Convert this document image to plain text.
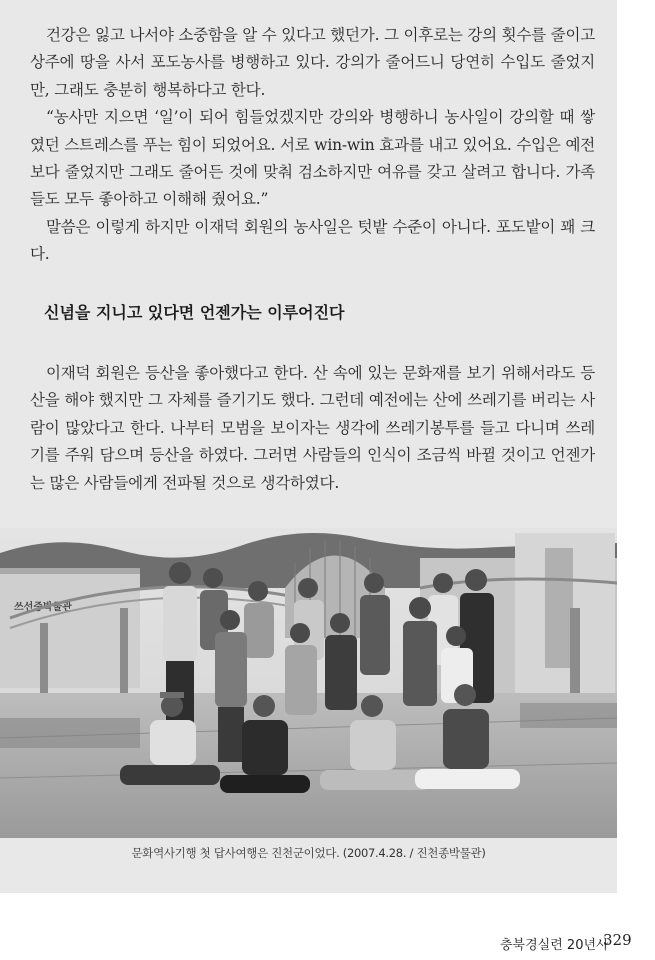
건강은 잃고 나서야 소중함을 알 수 있다고 했던가. 그 이후로는 강의 횟수를 줄이고 상주에 땅을 사서 포도농사를 병행하고 있다. 강의가 줄어드니 당연히 수입도 줄었지만, 그래도 충분히 행복하다고 한다.

“농사만 지으면 ‘일’이 되어 힘들었겠지만 강의와 병행하니 농사일이 강의할 때 쌓였던 스트레스를 푸는 힘이 되었어요. 서로 win-win 효과를 내고 있어요. 수입은 예전보다 줄었지만 그래도 줄어든 것에 맞춰 검소하지만 여유를 갖고 살려고 합니다. 가족들도 모두 좋아하고 이해해 줬어요.”

말씀은 이렇게 하지만 이재덕 회원의 농사일은 텃밭 수준이 아니다. 포도밭이 꽤 크다.

신념을 지니고 있다면 언젠가는 이루어진다

이재덕 회원은 등산을 좋아했다고 한다. 산 속에 있는 문화재를 보기 위해서라도 등산을 해야 했지만 그 자체를 즐기기도 했다. 그런데 예전에는 산에 쓰레기를 버리는 사람이 많았다고 한다. 나부터 모범을 보이자는 생각에 쓰레기봉투를 들고 다니며 쓰레기를 주워 담으며 등산을 하였다. 그러면 사람들의 인식이 조금씩 바뀔 것이고 언젠가는 많은 사람들에게 전파될 것으로 생각하였다.

쓰선중박물관
문화역사기행 첫 답사여행은 진천군이었다. (2007.4.28. / 진천종박물관)
충북경실련 20년사
329
